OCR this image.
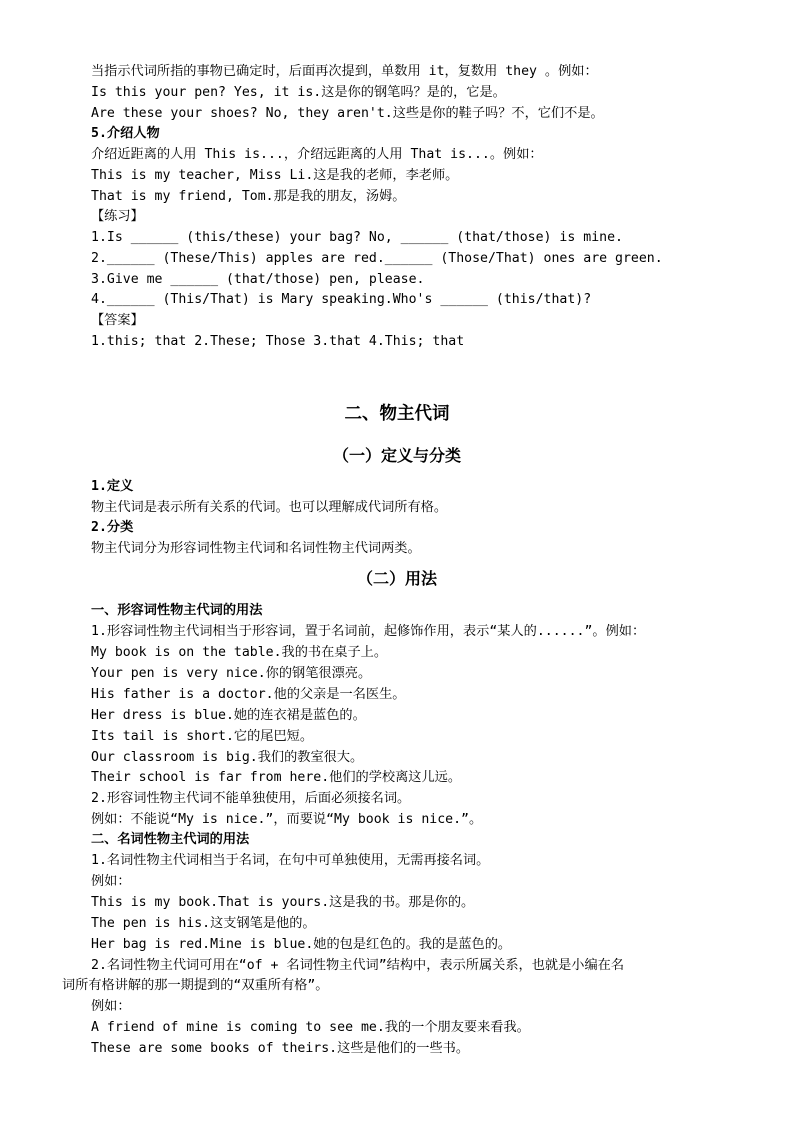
当指示代词所指的事物已确定时，后面再次提到，单数用 it，复数用 they 。例如：
Is this your pen? Yes, it is.这是你的钢笔吗？是的，它是。
Are these your shoes? No, they aren't.这些是你的鞋子吗？不，它们不是。
5.介绍人物
介绍近距离的人用 This is...，介绍远距离的人用 That is...。例如：
This is my teacher, Miss Li.这是我的老师，李老师。
That is my friend, Tom.那是我的朋友，汤姆。
【练习】
1.Is ______ (this/these) your bag? No, ______ (that/those) is mine.
2.______ (These/This) apples are red.______ (Those/That) ones are green.
3.Give me ______ (that/those) pen, please.
4.______ (This/That) is Mary speaking.Who's ______ (this/that)?
【答案】
1.this; that 2.These; Those 3.that 4.This; that
二、物主代词
（一）定义与分类
1.定义
物主代词是表示所有关系的代词。也可以理解成代词所有格。
2.分类
物主代词分为形容词性物主代词和名词性物主代词两类。
（二）用法
一、形容词性物主代词的用法
1.形容词性物主代词相当于形容词，置于名词前，起修饰作用，表示“某人的......”。例如：
My book is on the table.我的书在桌子上。
Your pen is very nice.你的钢笔很漂亮。
His father is a doctor.他的父亲是一名医生。
Her dress is blue.她的连衣裙是蓝色的。
Its tail is short.它的尾巴短。
Our classroom is big.我们的教室很大。
Their school is far from here.他们的学校离这儿远。
2.形容词性物主代词不能单独使用，后面必须接名词。
例如：不能说“My is nice.”，而要说“My book is nice.”。
二、名词性物主代词的用法
1.名词性物主代词相当于名词，在句中可单独使用，无需再接名词。
例如：
This is my book.That is yours.这是我的书。那是你的。
The pen is his.这支钢笔是他的。
Her bag is red.Mine is blue.她的包是红色的。我的是蓝色的。
2.名词性物主代词可用在“of + 名词性物主代词”结构中，表示所属关系，也就是小编在名
词所有格讲解的那一期提到的“双重所有格”。
例如：
A friend of mine is coming to see me.我的一个朋友要来看我。
These are some books of theirs.这些是他们的一些书。
